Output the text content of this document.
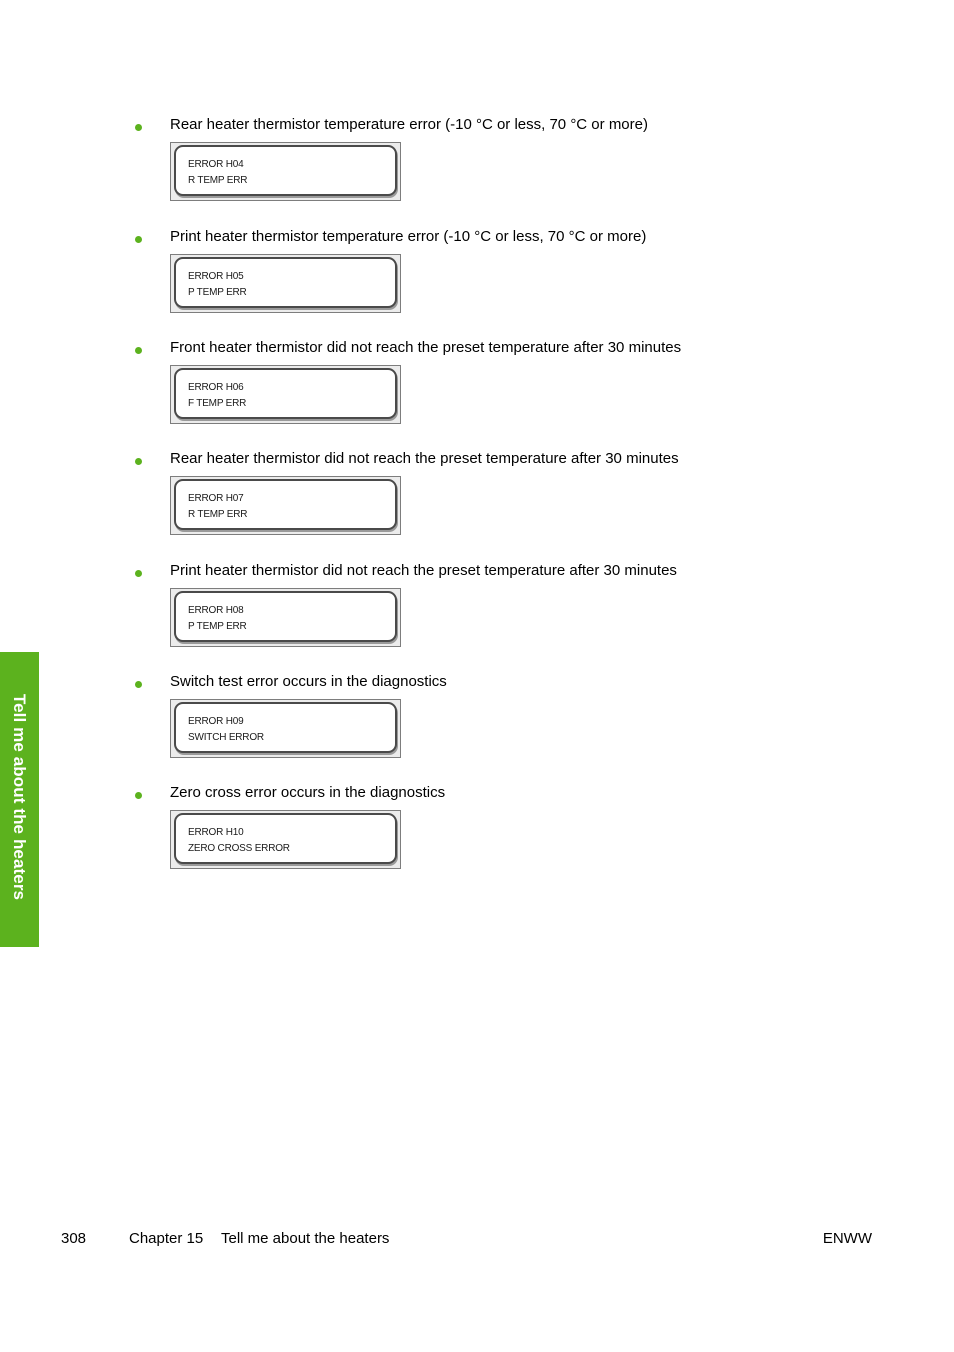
Tell me about the heaters
Rear heater thermistor temperature error (-10 °C or less, 70 °C or more)
ERROR H04
R TEMP ERR
Print heater thermistor temperature error (-10 °C or less, 70 °C or more)
ERROR H05
P TEMP ERR
Front heater thermistor did not reach the preset temperature after 30 minutes
ERROR H06
F TEMP ERR
Rear heater thermistor did not reach the preset temperature after 30 minutes
ERROR H07
R TEMP ERR
Print heater thermistor did not reach the preset temperature after 30 minutes
ERROR H08
P TEMP ERR
Switch test error occurs in the diagnostics
ERROR H09
SWITCH ERROR
Zero cross error occurs in the diagnostics
ERROR H10
ZERO CROSS ERROR
308	Chapter 15 Tell me about the heaters	ENWW
